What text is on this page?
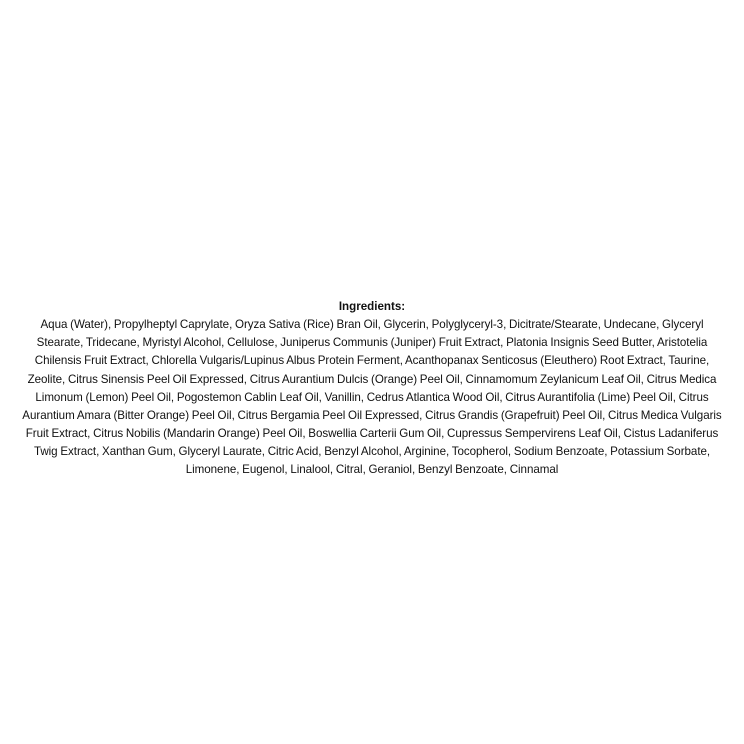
Ingredients:

Aqua (Water), Propylheptyl Caprylate, Oryza Sativa (Rice) Bran Oil, Glycerin, Polyglyceryl-3, Dicitrate/Stearate, Undecane, Glyceryl Stearate, Tridecane, Myristyl Alcohol, Cellulose, Juniperus Communis (Juniper) Fruit Extract, Platonia Insignis Seed Butter, Aristotelia Chilensis Fruit Extract, Chlorella Vulgaris/Lupinus Albus Protein Ferment, Acanthopanax Senticosus (Eleuthero) Root Extract, Taurine, Zeolite, Citrus Sinensis Peel Oil Expressed, Citrus Aurantium Dulcis (Orange) Peel Oil, Cinnamomum Zeylanicum Leaf Oil, Citrus Medica Limonum (Lemon) Peel Oil, Pogostemon Cablin Leaf Oil, Vanillin, Cedrus Atlantica Wood Oil, Citrus Aurantifolia (Lime) Peel Oil, Citrus Aurantium Amara (Bitter Orange) Peel Oil, Citrus Bergamia Peel Oil Expressed, Citrus Grandis (Grapefruit) Peel Oil, Citrus Medica Vulgaris Fruit Extract, Citrus Nobilis (Mandarin Orange) Peel Oil, Boswellia Carterii Gum Oil, Cupressus Sempervirens Leaf Oil, Cistus Ladaniferus Twig Extract, Xanthan Gum, Glyceryl Laurate, Citric Acid, Benzyl Alcohol, Arginine, Tocopherol, Sodium Benzoate, Potassium Sorbate, Limonene, Eugenol, Linalool, Citral, Geraniol, Benzyl Benzoate, Cinnamal
